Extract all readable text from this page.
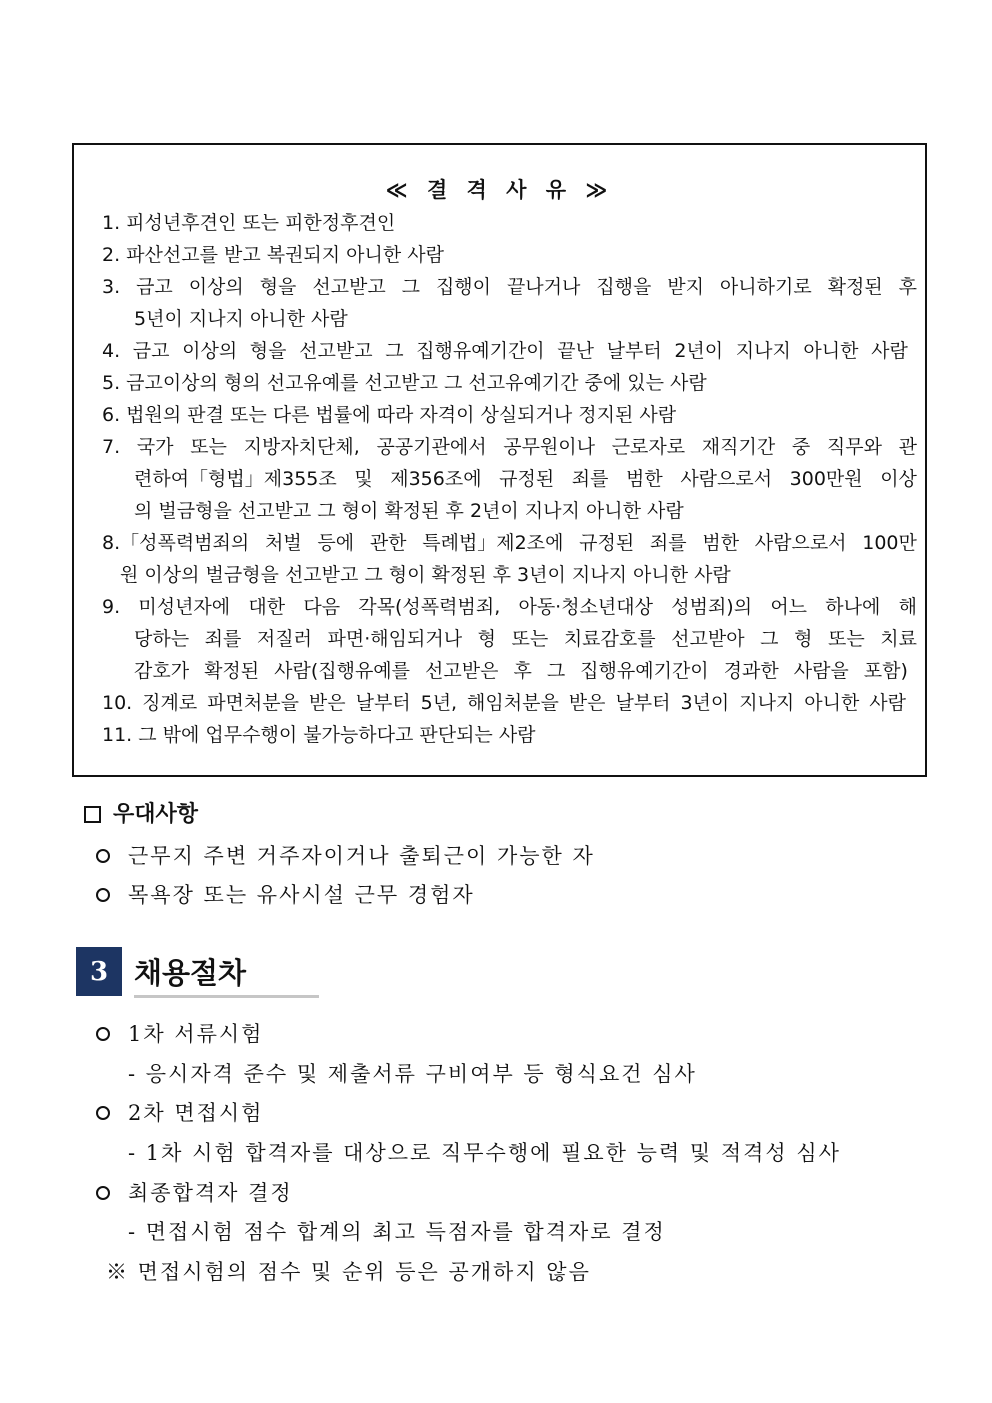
≪ 결 격 사 유 ≫
1. 피성년후견인 또는 피한정후견인
2. 파산선고를 받고 복권되지 아니한 사람
3. 금고 이상의 형을 선고받고 그 집행이 끝나거나 집행을 받지 아니하기로 확정된 후
5년이 지나지 아니한 사람
4. 금고 이상의 형을 선고받고 그 집행유예기간이 끝난 날부터 2년이 지나지 아니한 사람
5. 금고이상의 형의 선고유예를 선고받고 그 선고유예기간 중에 있는 사람
6. 법원의 판결 또는 다른 법률에 따라 자격이 상실되거나 정지된 사람
7. 국가 또는 지방자치단체, 공공기관에서 공무원이나 근로자로 재직기간 중 직무와 관
련하여「형법」제355조 및 제356조에 규정된 죄를 범한 사람으로서 300만원 이상
의 벌금형을 선고받고 그 형이 확정된 후 2년이 지나지 아니한 사람
8.「성폭력범죄의 처벌 등에 관한 특례법」제2조에 규정된 죄를 범한 사람으로서 100만
원 이상의 벌금형을 선고받고 그 형이 확정된 후 3년이 지나지 아니한 사람
9. 미성년자에 대한 다음 각목(성폭력범죄, 아동·청소년대상 성범죄)의 어느 하나에 해
당하는 죄를 저질러 파면·해임되거나 형 또는 치료감호를 선고받아 그 형 또는 치료
감호가 확정된 사람(집행유예를 선고받은 후 그 집행유예기간이 경과한 사람을 포함)
10. 징계로 파면처분을 받은 날부터 5년, 해임처분을 받은 날부터 3년이 지나지 아니한 사람
11. 그 밖에 업무수행이 불가능하다고 판단되는 사람
우대사항
근무지 주변 거주자이거나 출퇴근이 가능한 자
목욕장 또는 유사시설 근무 경험자
3 채용절차
1차 서류시험
- 응시자격 준수 및 제출서류 구비여부 등 형식요건 심사
2차 면접시험
- 1차 시험 합격자를 대상으로 직무수행에 필요한 능력 및 적격성 심사
최종합격자 결정
- 면접시험 점수 합계의 최고 득점자를 합격자로 결정
※ 면접시험의 점수 및 순위 등은 공개하지 않음
